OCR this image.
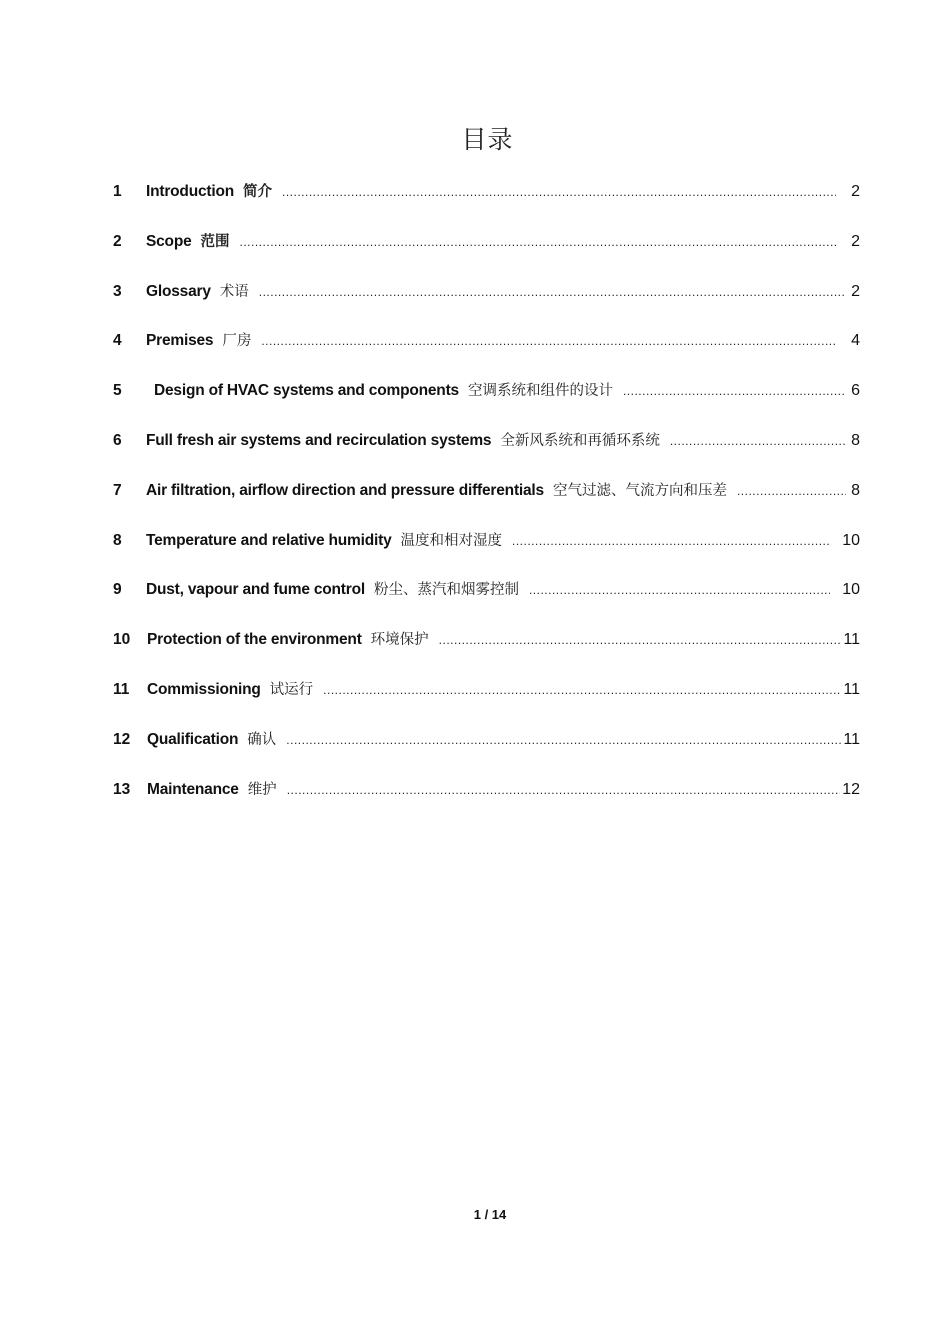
目录
1	Introduction 简介 .....	2
2	Scope 范围 .....	2
3	Glossary 术语 .....	2
4	Premises 厂房 .....	4
5	Design of HVAC systems and components 空调系统和组件的设计 .....	6
6	Full fresh air systems and recirculation systems 全新风系统和再循环系统 .....	8
7	Air filtration, airflow direction and pressure differentials 空气过滤、气流方向和压差 .....	8
8	Temperature and relative humidity 温度和相对湿度 .....	10
9	Dust, vapour and fume control 粉尘、蒸汽和烟雾控制 .....	10
10	Protection of the environment 环境保护 .....	11
11	Commissioning 试运行 .....	11
12	Qualification 确认 .....	11
13	Maintenance 维护 .....	12
1 / 14
